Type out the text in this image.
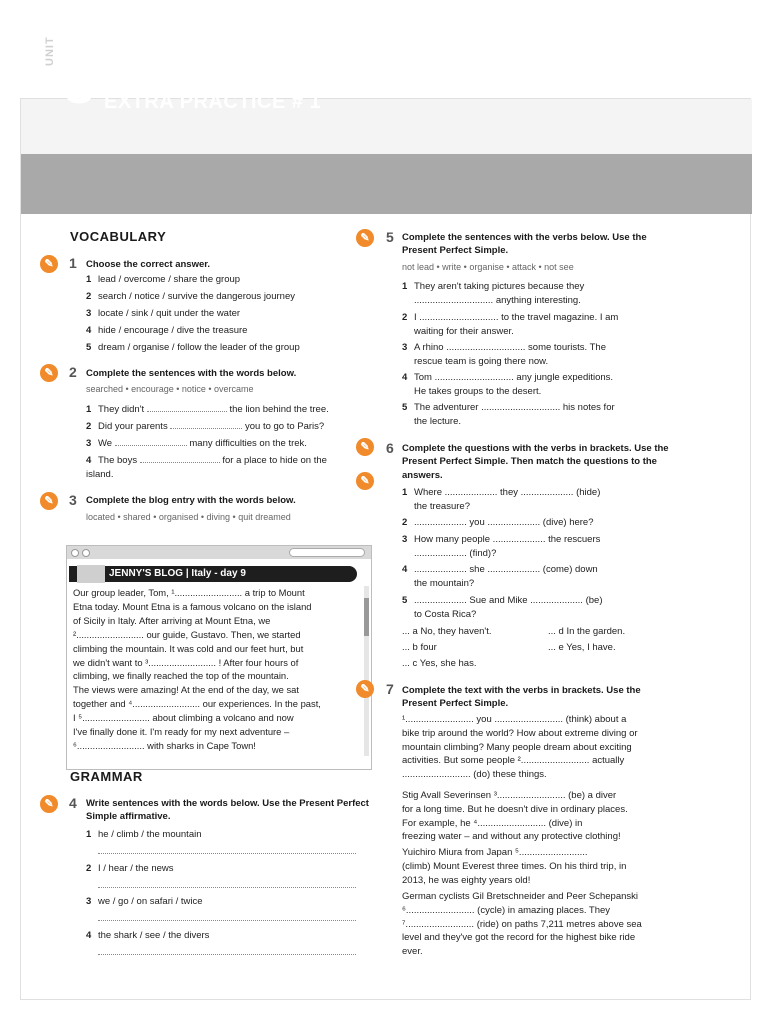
UNIT
8 EXTRA PRACTICE # 1
VOCABULARY
✎	1 Choose the correct answer.
1 lead / overcome / share the group
2 search / notice / survive the dangerous journey
3 locate / sink / quit under the water
4 hide / encourage / dive the treasure
5 dream / organise / follow the leader of the group
✎	2 Complete the sentences with the words below.
searched • encourage • notice • overcame
1 They didn't	the lion behind the tree.
2 Did your parents	you to go to Paris?
3 We	many difficulties on the trek.
4 The boys	for a place to hide on the island.
✎	3 Complete the blog entry with the words below.
located • shared • organised • diving • quit dreamed
JENNY'S BLOG | Italy - day 9
Our group leader, Tom, ¹.......................... a trip to Mount
Etna today. Mount Etna is a famous volcano on the island
of Sicily in Italy. After arriving at Mount Etna, we
².......................... our guide, Gustavo. Then, we started
climbing the mountain. It was cold and our feet hurt, but
we didn't want to ³.......................... ! After four hours of
climbing, we finally reached the top of the mountain.
The views were amazing! At the end of the day, we sat
together and ⁴.......................... our experiences. In the past,
I ⁵.......................... about climbing a volcano and now
I've finally done it. I'm ready for my next adventure –
⁶.......................... with sharks in Cape Town!
GRAMMAR
✎	4 Write sentences with the words below. Use the Present Perfect Simple affirmative.
1 he / climb / the mountain
2 I / hear / the news
3 we / go / on safari / twice
4 the shark / see / the divers
✎	5 Complete the sentences with the verbs below. Use the Present Perfect Simple.
not lead • write • organise • attack • not see
1 They aren't taking pictures because they
.............................. anything interesting.
2 I .............................. to the travel magazine. I am
waiting for their answer.
3 A rhino .............................. some tourists. The
rescue team is going there now.
4 Tom .............................. any jungle expeditions.
He takes groups to the desert.
5 The adventurer .............................. his notes for
the lecture.
✎
✎
6 Complete the questions with the verbs in brackets. Use the Present Perfect Simple. Then match the questions to the answers.
1 Where .................... they .................... (hide)
the treasure?
2 .................... you .................... (dive) here?
3 How many people .................... the rescuers
.................... (find)?
4 .................... she .................... (come) down
the mountain?
5 .................... Sue and Mike .................... (be)
to Costa Rica?
... a No, they haven't.	... d In the garden.
... b four	... e Yes, I have.
... c Yes, she has.
✎	7 Complete the text with the verbs in brackets. Use the Present Perfect Simple.
¹.......................... you .......................... (think) about a
bike trip around the world? How about extreme diving or
mountain climbing? Many people dream about exciting
activities. But some people ².......................... actually
.......................... (do) these things.
Stig Avall Severinsen ³.......................... (be) a diver
for a long time. But he doesn't dive in ordinary places.
For example, he ⁴.......................... (dive) in
freezing water – and without any protective clothing!
Yuichiro Miura from Japan ⁵..........................
(climb) Mount Everest three times. On his third trip, in
2013, he was eighty years old!
German cyclists Gil Bretschneider and Peer Schepanski
⁶.......................... (cycle) in amazing places. They
⁷.......................... (ride) on paths 7,211 metres above sea
level and they've got the record for the highest bike ride
ever.
